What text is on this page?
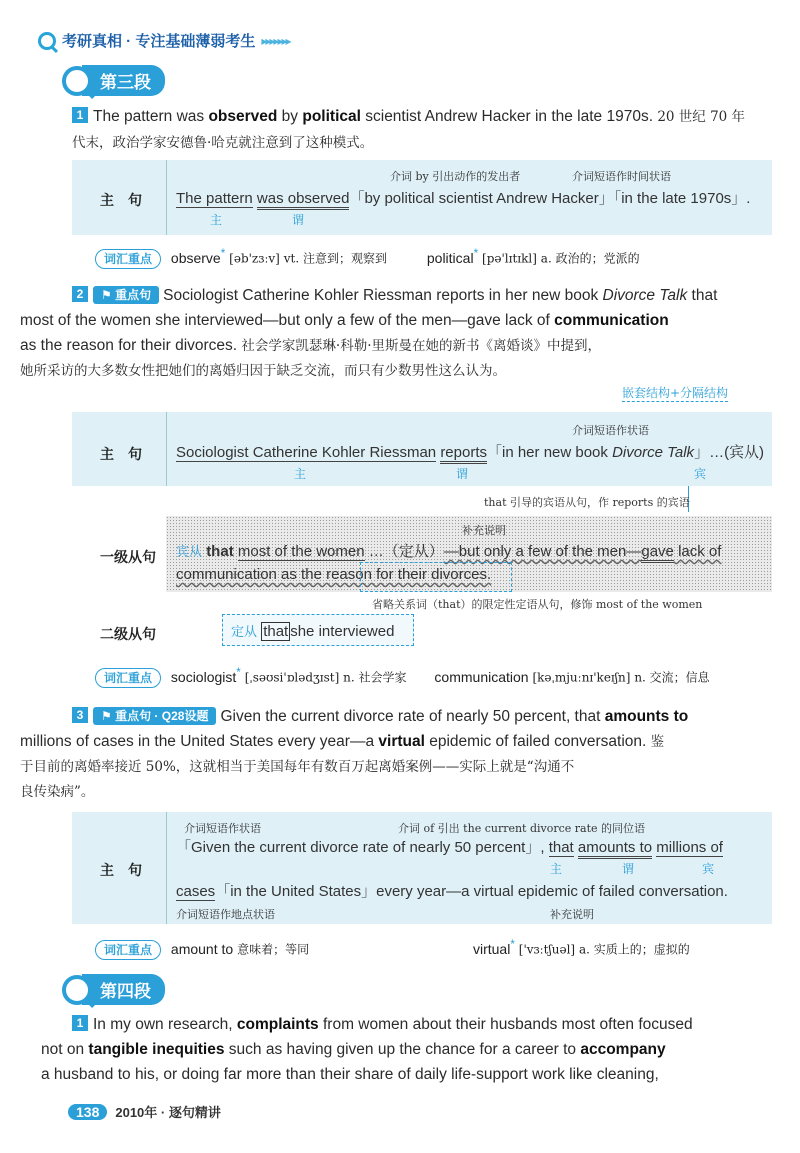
考研真相 · 专注基础薄弱考生 ▸▸▸▸▸▸▸
第三段
1 The pattern was observed by political scientist Andrew Hacker in the late 1970s. 20 世纪 70 年代末，政治学家安德鲁·哈克就注意到了这种模式。
主　句
介词 by 引出动作的发出者	介词短语作时间状语
The pattern was observed「by political scientist Andrew Hacker」「in the late 1970s」.
主	谓
词汇重点 observe* [əb'zɜːv] vt. 注意到；观察到	political* [pə'lɪtɪkl] a. 政治的；党派的
2 ⚑ 重点句 Sociologist Catherine Kohler Riessman reports in her new book Divorce Talk that
most of the women she interviewed—but only a few of the men—gave lack of communication
as the reason for their divorces. 社会学家凯瑟琳·科勒·里斯曼在她的新书《离婚谈》中提到，
她所采访的大多数女性把她们的离婚归因于缺乏交流，而只有少数男性这么认为。
嵌套结构+分隔结构
主　句
介词短语作状语
Sociologist Catherine Kohler Riessman reports「in her new book Divorce Talk」…(宾从)
主	谓	宾
that 引导的宾语从句，作 reports 的宾语
一级从句
补充说明
宾从 that most of the women …（定从）—but only a few of the men—gave lack of
communication as the reason for their divorces.
省略关系词（that）的限定性定语从句，修饰 most of the women
二级从句	定从 that she interviewed
词汇重点 sociologist* [ˌsəʊsi'ɒlədʒɪst] n. 社会学家 communication [kəˌmjuːnɪ'keɪʃn] n. 交流；信息
3 ⚑ 重点句 · Q28设题 Given the current divorce rate of nearly 50 percent, that amounts to
millions of cases in the United States every year—a virtual epidemic of failed conversation. 鉴
于目前的离婚率接近 50%，这就相当于美国每年有数百万起离婚案例——实际上就是“沟通不
良传染病”。
主　句
介词短语作状语	介词 of 引出 the current divorce rate 的同位语
「Given the current divorce rate of nearly 50 percent」, that amounts to millions of
主	谓	宾
cases「in the United States」every year—a virtual epidemic of failed conversation.
介词短语作地点状语	补充说明
词汇重点 amount to 意味着；等同	virtual* ['vɜːtʃuəl] a. 实质上的；虚拟的
第四段
1 In my own research, complaints from women about their husbands most often focused
not on tangible inequities such as having given up the chance for a career to accompany
a husband to his, or doing far more than their share of daily life-support work like cleaning,
138	2010年 · 逐句精讲
